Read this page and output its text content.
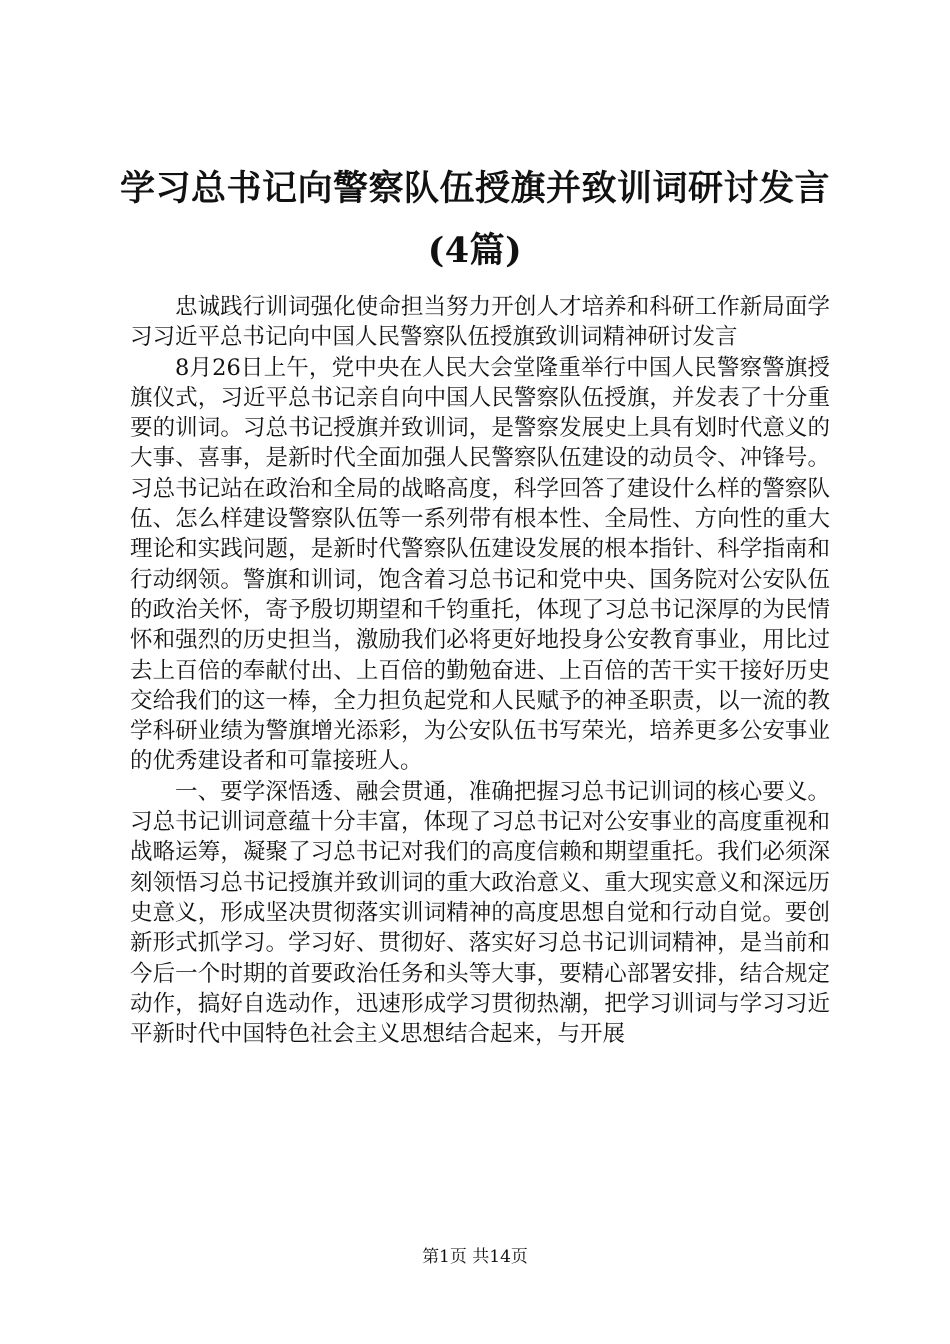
学习总书记向警察队伍授旗并致训词研讨发言(4篇)

忠诚践行训词强化使命担当努力开创人才培养和科研工作新局面学习习近平总书记向中国人民警察队伍授旗致训词精神研讨发言

8月26日上午，党中央在人民大会堂隆重举行中国人民警察警旗授旗仪式，习近平总书记亲自向中国人民警察队伍授旗，并发表了十分重要的训词。习总书记授旗并致训词，是警察发展史上具有划时代意义的大事、喜事，是新时代全面加强人民警察队伍建设的动员令、冲锋号。习总书记站在政治和全局的战略高度，科学回答了建设什么样的警察队伍、怎么样建设警察队伍等一系列带有根本性、全局性、方向性的重大理论和实践问题，是新时代警察队伍建设发展的根本指针、科学指南和行动纲领。警旗和训词，饱含着习总书记和党中央、国务院对公安队伍的政治关怀，寄予殷切期望和千钧重托，体现了习总书记深厚的为民情怀和强烈的历史担当，激励我们必将更好地投身公安教育事业，用比过去上百倍的奉献付出、上百倍的勤勉奋进、上百倍的苦干实干接好历史交给我们的这一棒，全力担负起党和人民赋予的神圣职责，以一流的教学科研业绩为警旗增光添彩，为公安队伍书写荣光，培养更多公安事业的优秀建设者和可靠接班人。

一、要学深悟透、融会贯通，准确把握习总书记训词的核心要义。习总书记训词意蕴十分丰富，体现了习总书记对公安事业的高度重视和战略运筹，凝聚了习总书记对我们的高度信赖和期望重托。我们必须深刻领悟习总书记授旗并致训词的重大政治意义、重大现实意义和深远历史意义，形成坚决贯彻落实训词精神的高度思想自觉和行动自觉。要创新形式抓学习。学习好、贯彻好、落实好习总书记训词精神，是当前和今后一个时期的首要政治任务和头等大事，要精心部署安排，结合规定动作，搞好自选动作，迅速形成学习贯彻热潮，把学习训词与学习习近平新时代中国特色社会主义思想结合起来，与开展

第1页 共14页
